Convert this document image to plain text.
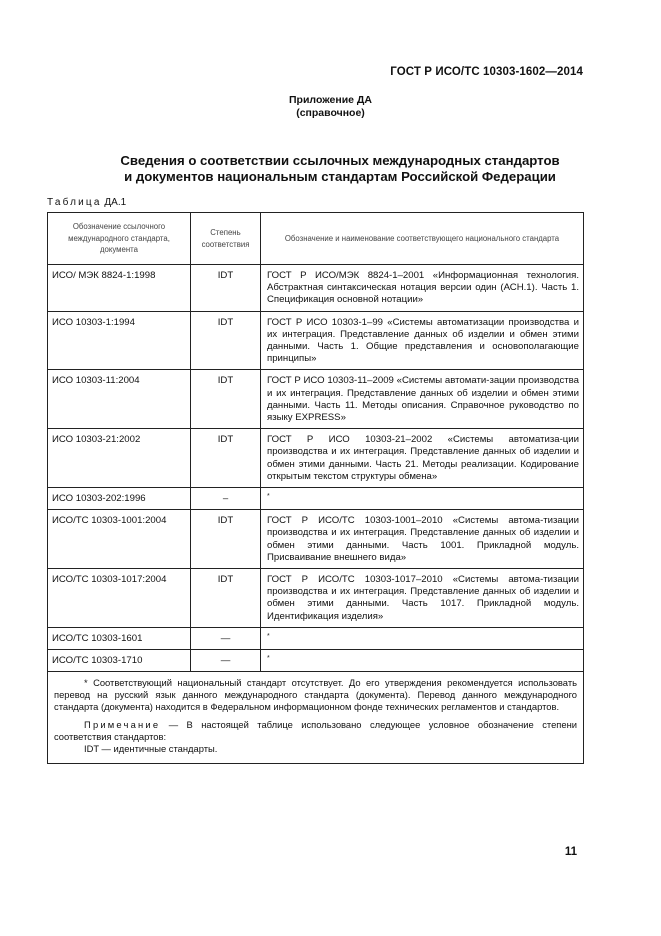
ГОСТ Р ИСО/ТС 10303-1602—2014
Приложение ДА
(справочное)
Сведения о соответствии ссылочных международных стандартов
и документов национальным стандартам Российской Федерации
Таблица ДА.1
Обозначение ссылочного международного стандарта, документа	Степень соответствия	Обозначение и наименование соответствующего национального стандарта
ИСО/ МЭК 8824-1:1998	IDT	ГОСТ Р ИСО/МЭК 8824-1–2001 «Информационная технология. Абстрактная синтаксическая нотация версии один (АСН.1). Часть 1. Спецификация основной нотации»
ИСО 10303-1:1994	IDT	ГОСТ Р ИСО 10303-1–99 «Системы автоматизации производства и их интеграция. Представление данных об изделии и обмен этими данными. Часть 1. Общие представления и основополагающие принципы»
ИСО 10303-11:2004	IDT	ГОСТ Р ИСО 10303-11–2009 «Системы автомати-зации производства и их интеграция. Представление данных об изделии и обмен этими данными. Часть 11. Методы описания. Справочное руководство по языку EXPRESS»
ИСО 10303-21:2002	IDT	ГОСТ Р ИСО 10303-21–2002 «Системы автоматиза-ции производства и их интеграция. Представление данных об изделии и обмен этими данными. Часть 21. Методы реализации. Кодирование открытым текстом структуры обмена»
ИСО 10303-202:1996	–	*
ИСО/ТС 10303-1001:2004	IDT	ГОСТ Р ИСО/ТС 10303-1001–2010 «Системы автома-тизации производства и их интеграция. Представление данных об изделии и обмен этими данными. Часть 1001. Прикладной модуль. Присваивание внешнего вида»
ИСО/ТС 10303-1017:2004	IDT	ГОСТ Р ИСО/ТС 10303-1017–2010 «Системы автома-тизации производства и их интеграция. Представление данных об изделии и обмен этими данными. Часть 1017. Прикладной модуль. Идентификация изделия»
ИСО/ТС 10303-1601	—	*
ИСО/ТС 10303-1710	—	*

* Соответствующий национальный стандарт отсутствует. До его утверждения рекомендуется использовать перевод на русский язык данного международного стандарта (документа). Перевод данного международного стандарта (документа) находится в Федеральном информационном фонде технических регламентов и стандартов.
Примечание — В настоящей таблице использовано следующее условное обозначение степени соответствия стандартов:
IDT — идентичные стандарты.		
11
